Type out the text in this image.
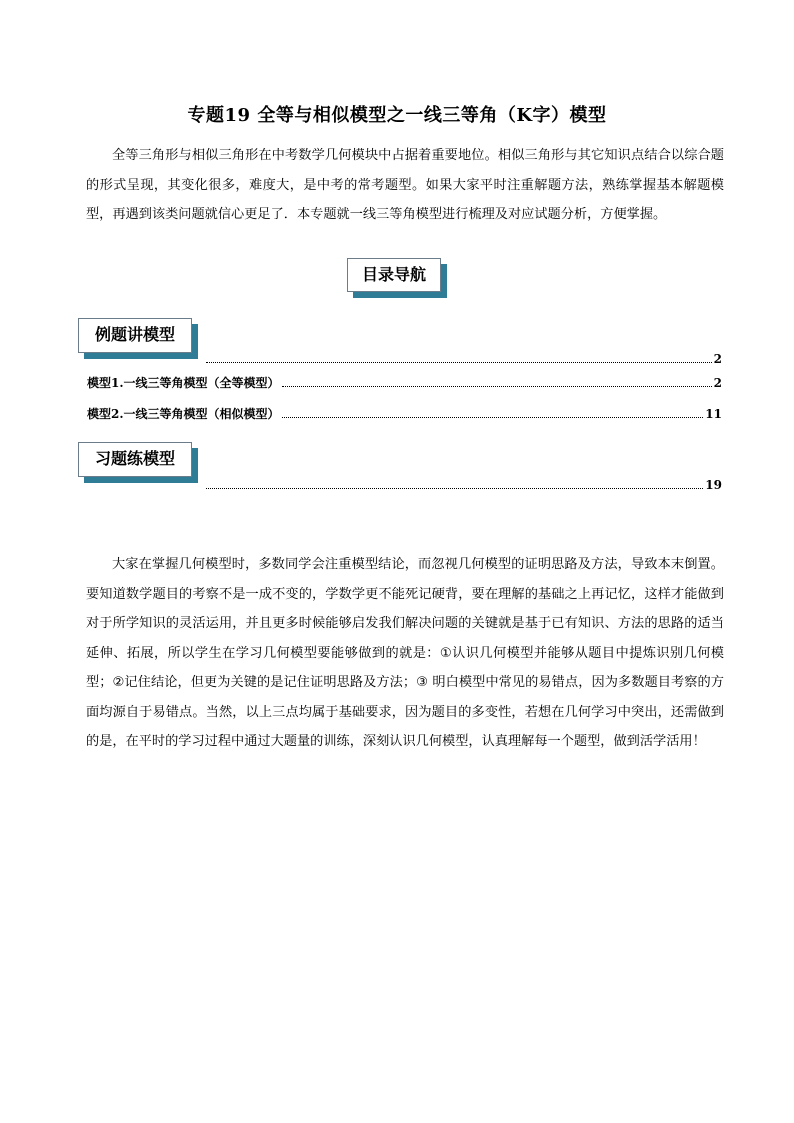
专题19 全等与相似模型之一线三等角（K字）模型
全等三角形与相似三角形在中考数学几何模块中占据着重要地位。相似三角形与其它知识点结合以综合题的形式呈现，其变化很多，难度大，是中考的常考题型。如果大家平时注重解题方法，熟练掌握基本解题模型，再遇到该类问题就信心更足了．本专题就一线三等角模型进行梳理及对应试题分析，方便掌握。
目录导航
例题讲模型
2
模型1.一线三等角模型（全等模型）	2
模型2.一线三等角模型（相似模型）	11
习题练模型
19
大家在掌握几何模型时，多数同学会注重模型结论，而忽视几何模型的证明思路及方法，导致本末倒置。要知道数学题目的考察不是一成不变的，学数学更不能死记硬背，要在理解的基础之上再记忆，这样才能做到对于所学知识的灵活运用，并且更多时候能够启发我们解决问题的关键就是基于已有知识、方法的思路的适当延伸、拓展，所以学生在学习几何模型要能够做到的就是：①认识几何模型并能够从题目中提炼识别几何模型；②记住结论，但更为关键的是记住证明思路及方法；③ 明白模型中常见的易错点，因为多数题目考察的方面均源自于易错点。当然，以上三点均属于基础要求，因为题目的多变性，若想在几何学习中突出，还需做到的是，在平时的学习过程中通过大题量的训练，深刻认识几何模型，认真理解每一个题型，做到活学活用！
